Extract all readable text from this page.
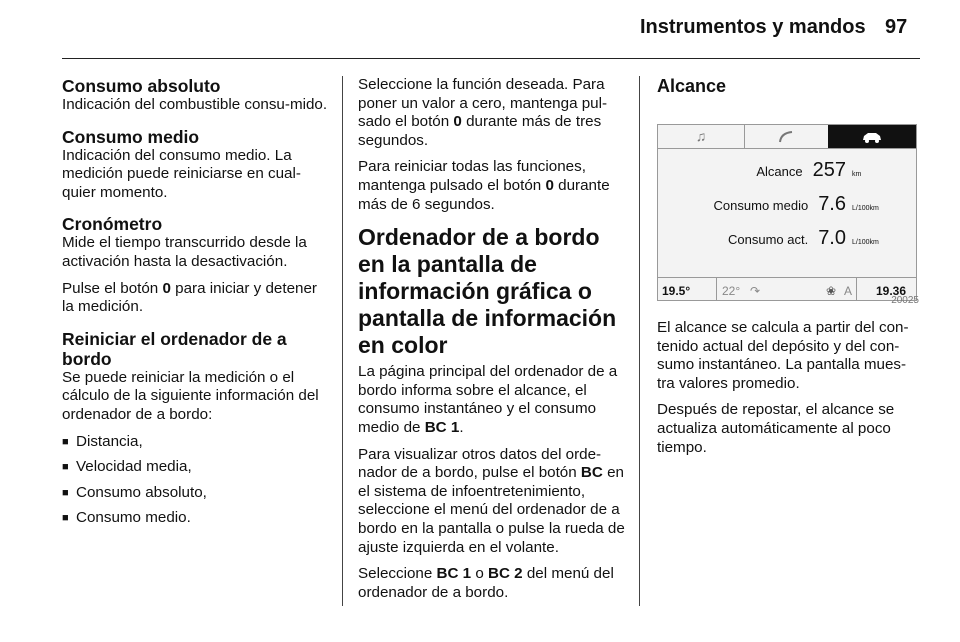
Instrumentos y mandos 97
Consumo absoluto

Indicación del combustible consu-mido.

Consumo medio

Indicación del consumo medio. La medición puede reiniciarse en cual-quier momento.

Cronómetro

Mide el tiempo transcurrido desde la activación hasta la desactivación.

Pulse el botón 0 para iniciar y detener la medición.

Reiniciar el ordenador de a bordo

Se puede reiniciar la medición o el cálculo de la siguiente información del ordenador de a bordo:

■ Distancia,
■ Velocidad media,
■ Consumo absoluto,
■ Consumo medio.

Seleccione la función deseada. Para poner un valor a cero, mantenga pul-sado el botón 0 durante más de tres segundos.

Para reiniciar todas las funciones, mantenga pulsado el botón 0 durante más de 6 segundos.

Ordenador de a bordo en la pantalla de información gráfica o pantalla de información en color

La página principal del ordenador de a bordo informa sobre el alcance, el consumo instantáneo y el consumo medio de BC 1.

Para visualizar otros datos del orde-nador de a bordo, pulse el botón BC en el sistema de infoentretenimiento, seleccione el menú del ordenador de a bordo en la pantalla o pulse la rueda de ajuste izquierda en el volante.

Seleccione BC 1 o BC 2 del menú del ordenador de a bordo.

Alcance
♫
Alcance 257 km
Consumo medio 7.6 L/100km
Consumo act. 7.0 L/100km
19.5°	22° ↷	❀ A 19.36
20025

El alcance se calcula a partir del con-tenido actual del depósito y del con-sumo instantáneo. La pantalla mues-tra valores promedio.

Después de repostar, el alcance se actualiza automáticamente al poco tiempo.
